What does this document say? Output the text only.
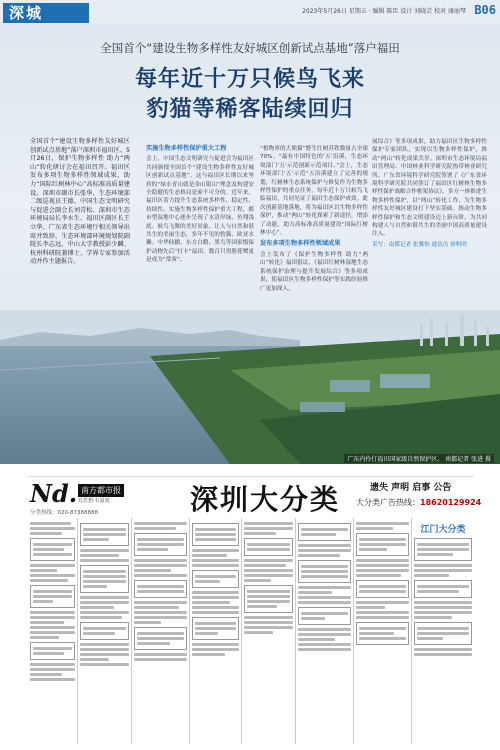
深城	2023年5月26日 星期五 · 编辑 陈臣 设计 刘晓芸 校对 康丽琴 B06
全国首个“建设生物多样性友好城区创新试点基地”落户福田
每年近十万只候鸟飞来
豹猫等稀客陆续回归
全国首个“建设生物多样性友好城区创新试点基地”落户深圳市福田区。5月26日，保护生物多样性 助力“两山”转化研讨会在福田召开。福田区发布多项生物多样性领域成果，助力“国际红树林中心”高标准高质量建设。深圳市副市长张华、生态环境部二级巡视员王德、中国生态文明研究与促进会副会长刘青松、深圳市生态环境局局长李水生、福田区副区长王立华、广东省生态环境厅相关领导出席并致辞。生态环境部环境规划院副院长李志远、中山大学教授彭少麟、杭州科研院兼博士、学界专家参加活动并作主题报告。
实施生物多样性保护重大工程
会上，中国生态文明研究与促进会为福田区共同颁授全国首个“建设生物多样性友好城区创新试点基地”。这与福田区长期以来坚持的“绿水青山就是金山银山”理念及构建安全稳健的生态格局是密不可分的。近年来，福田区着力提升生态系统多样性、稳定性、持续性，实施生物多样性保护重大工程，都市型湿地中心逐步呈现了水清岸绿、鱼翔浅底、候鸟飞舞的美好景象。让人与自然和谐共生的美丽生态，多年不见的豹猫、欧亚水獭、中华仙鹟、东方白鹳、黑鸟等国家级保护动物先后“打卡”福田，数百只黑脸琵鹭更是成为“常客”。
“植物界的大熊猫”野生红树苏铁数量占全球70%。“最有中国特色的‘五’沿溪，生态环境部门‘五’示范创新示范项目。”会上，生态环境部门‘五’示范“五沿溪建立了完善的规划，红树林生态系统保护与修复作为生物多样性保护的重点任务，每年近十万只候鸟飞临福田，共同见证了福田生态保护成效。此次创新基地落地，将为福田区以生物多样性保护，推动“两山”转化探索了新途径，增添了动能，助力高标准高质量建设“国际红树林中心”。
发布多项生物多样性领域成果
会上发布了《保护生物多样性 助力“两山”转化》福田倡议、《福田红树林湿地生态系统保护治理与提升发展综合》等多项成果，使福田区生物多样性保护等实践经验推广更加深入。
展综合》等多项成果，助力福田区生物多样性保护专家团队，实现以生物多样性保护，推动“两山”转化成果共享。深圳市生态环境局福田管理局、中国林业科学研究院热带林业研究所、广东省环境科学研究院签署了《广东省环境科学研究院共同签订了福田区红树林生物多样性保护战略合作框架协议》，多方一体推进生物多样性保护，以“两山”转化工作，为生物多样性友好城区建设打下坚实基础。推动生物多样性保护和生态文明建设迈上新台阶，为共同构建人与自然和谐共生的美丽中国高质量建设注入。
采写：南都记者 张馨怡 通讯员 徐明明
广东内伶仃福田国家级自然保护区。 南都记者 张进 摄
Nd. 南方都市报
有思想·有温度
分类热线：020-87388888	深圳大分类	遗失 声明 启事 公告
大分类广告热线：18620129924
江门大分类
